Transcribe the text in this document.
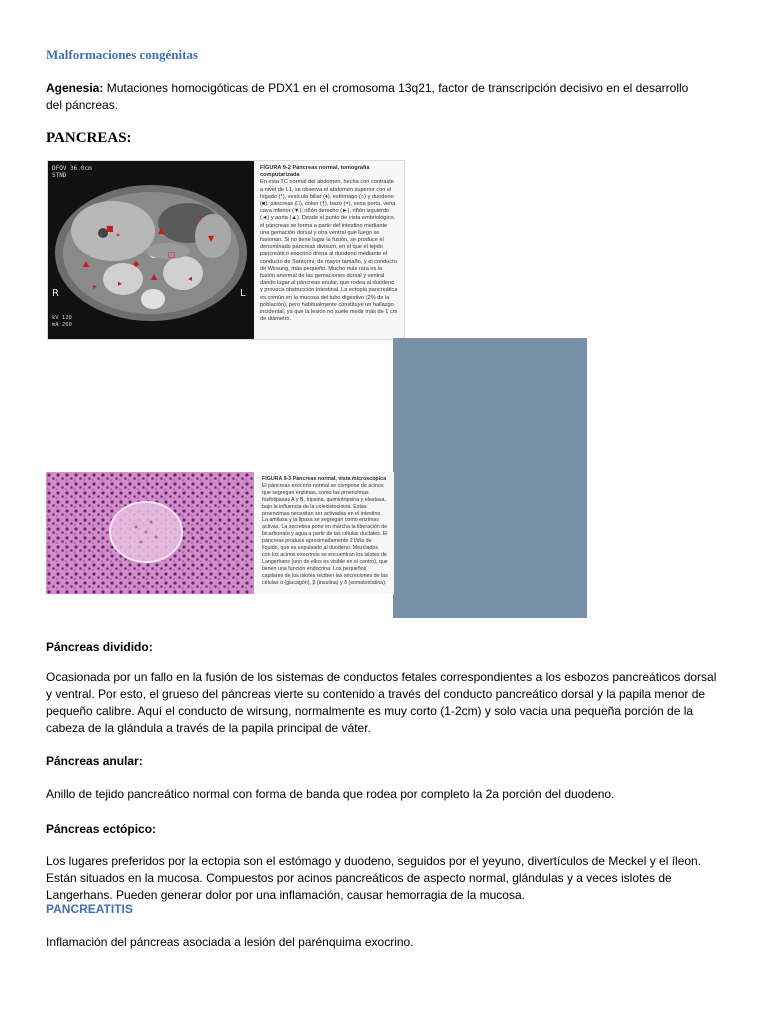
Malformaciones congénitas
Agenesia: Mutaciones homocigóticas de PDX1 en el cromosoma 13q21, factor de transcripción decisivo en el desarrollo del páncreas.
PANCREAS:
*
■	▲
□
†
▼
◆
▸
◂
▲
▲
▸
DFOV 36.0cm
STND
R	L
kV 120
mA 260
FIGURA 9-2 Páncreas normal, tomografía computarizada
En esta TC normal del abdomen, hecha con contraste a nivel de L1, se observa el abdomen superior con el hígado (*), vesícula biliar (♦), estómago (⌂) y duodeno (■), páncreas (□), colon (†), bazo (=), vena porta, vena cava inferior (▼), riñón derecho (►), riñón izquierdo (◄) y aorta (▲). Desde el punto de vista embriológico, el páncreas se forma a partir del intestino mediante una gemación dorsal y otra ventral que luego se fusionan. Si no tiene lugar la fusión, se produce el denominado pancreas divisum, en el que el tejido pancreático exocrino drena al duodeno mediante el conducto de Santorini, de mayor tamaño, y el conducto de Wirsung, más pequeño. Mucho más rara es la fusión anormal de las gemaciones dorsal y ventral dando lugar al páncreas anular, que rodea al duodeno y provoca obstrucción intestinal. La ectopia pancreática es común en la mucosa del tubo digestivo (2% de la población), pero habitualmente constituye un hallazgo incidental, ya que la lesión no suele medir más de 1 cm de diámetro.
FIGURA 9-3 Páncreas normal, vista microscópica
El páncreas exocrino normal se compone de acinos que segregan enzimas, como las proenzimas fosfolipasas A y B, tripsina, quimiotripsina y elastasa, bajo la influencia de la colecistocinina. Estas proenzimas necesitan ser activadas en el intestino. La amilasa y la lipasa se segregan como enzimas activas. La secretina pone en marcha la liberación de bicarbonato y agua a partir de las células ductales. El páncreas produce aproximadamente 2 l/día de líquido, que es expulsado al duodeno. Mezclados con los acinos exocrinos se encuentran los islotes de Langerhans (uno de ellos es visible en el centro), que tienen una función endocrina. Los pequeños capilares de los islotes reciben las secreciones de las células α (glucagón), β (insulina) y δ (somatostatina).
Páncreas dividido:
Ocasionada por un fallo en la fusión de los sistemas de conductos fetales correspondientes a los esbozos pancreáticos dorsal y ventral. Por esto, el grueso del páncreas vierte su contenido a través del conducto pancreático dorsal y la papila menor de pequeño calibre. Aquí el conducto de wirsung, normalmente es muy corto (1-2cm) y solo vacia una pequeña porción de la cabeza de la glándula a través de la papila principal de váter.
Páncreas anular:
Anillo de tejido pancreático normal con forma de banda que rodea por completo la 2a porción del duodeno.
Páncreas ectópico:
Los lugares preferidos por la ectopia son el estómago y duodeno, seguidos por el yeyuno, divertículos de Meckel y el íleon. Están situados en la mucosa. Compuestos por acinos pancreáticos de aspecto normal, glándulas y a veces islotes de Langerhans. Pueden generar dolor por una inflamación, causar hemorragia de la mucosa.
PANCREATITIS
Inflamación del páncreas asociada a lesión del parénquima exocrino.
